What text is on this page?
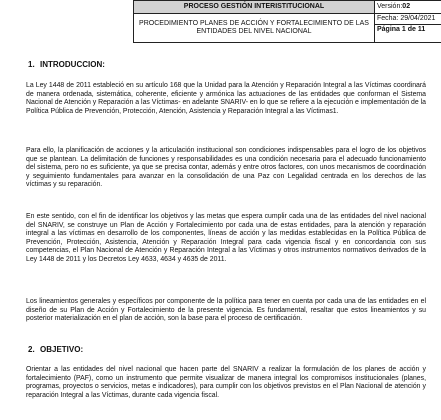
PROCESO GESTIÓN INTERISTITUCIONAL	Versión:02
PROCEDIMIENTO PLANES DE ACCIÓN Y FORTALECIMIENTO DE LAS ENTIDADES DEL NIVEL NACIONAL	Fecha: 29/04/2021
Página 1 de 11
1. INTRODUCCION:

La Ley 1448 de 2011 estableció en su artículo 168 que la Unidad para la Atención y Reparación Integral a las Víctimas coordinará de manera ordenada, sistemática, coherente, eficiente y armónica las actuaciones de las entidades que conforman el Sistema Nacional de Atención y Reparación a las Víctimas- en adelante SNARIV- en lo que se refiere a la ejecución e implementación de la Política Pública de Prevención, Protección, Atención, Asistencia y Reparación Integral a las Víctimas1.

Para ello, la planificación de acciones y la articulación institucional son condiciones indispensables para el logro de los objetivos que se plantean. La delimitación de funciones y responsabilidades es una condición necesaria para el adecuado funcionamiento del sistema, pero no es suficiente, ya que se precisa contar, además y entre otros factores, con unos mecanismos de coordinación y seguimiento fundamentales para avanzar en la consolidación de una Paz con Legalidad centrada en los derechos de las víctimas y su reparación.

En este sentido, con el fin de identificar los objetivos y las metas que espera cumplir cada una de las entidades del nivel nacional del SNARIV, se construye un Plan de Acción y Fortalecimiento por cada una de estas entidades, para la atención y reparación integral a las víctimas en desarrollo de los componentes, líneas de acción y las medidas establecidas en la Política Pública de Prevención, Protección, Asistencia, Atención y Reparación Integral para cada vigencia fiscal y en concordancia con sus competencias, el Plan Nacional de Atención y Reparación Integral a las Víctimas y otros instrumentos normativos derivados de la Ley 1448 de 2011 y los Decretos Ley 4633, 4634 y 4635 de 2011.

Los lineamientos generales y específicos por componente de la política para tener en cuenta por cada una de las entidades en el diseño de su Plan de Acción y Fortalecimiento de la presente vigencia. Es fundamental, resaltar que estos lineamientos y su posterior materialización en el plan de acción, son la base para el proceso de certificación.

2. OBJETIVO:

Orientar a las entidades del nivel nacional que hacen parte del SNARIV a realizar la formulación de los planes de acción y fortalecimiento (PAF), como un instrumento que permite visualizar de manera integral los compromisos institucionales (planes, programas, proyectos o servicios, metas e indicadores), para cumplir con los objetivos previstos en el Plan Nacional de atención y reparación Integral a las Víctimas, durante cada vigencia fiscal.
